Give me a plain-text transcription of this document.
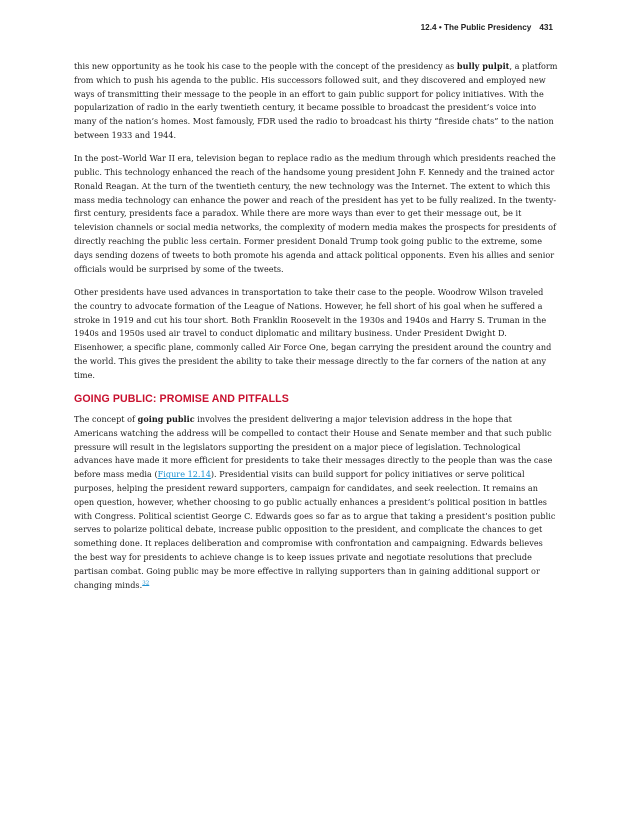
12.4 • The Public Presidency 431

this new opportunity as he took his case to the people with the concept of the presidency as bully pulpit, a platform from which to push his agenda to the public. His successors followed suit, and they discovered and employed new ways of transmitting their message to the people in an effort to gain public support for policy initiatives. With the popularization of radio in the early twentieth century, it became possible to broadcast the president’s voice into many of the nation’s homes. Most famously, FDR used the radio to broadcast his thirty “fireside chats” to the nation between 1933 and 1944.

In the post–World War II era, television began to replace radio as the medium through which presidents reached the public. This technology enhanced the reach of the handsome young president John F. Kennedy and the trained actor Ronald Reagan. At the turn of the twentieth century, the new technology was the Internet. The extent to which this mass media technology can enhance the power and reach of the president has yet to be fully realized. In the twenty-first century, presidents face a paradox. While there are more ways than ever to get their message out, be it television channels or social media networks, the complexity of modern media makes the prospects for presidents of directly reaching the public less certain. Former president Donald Trump took going public to the extreme, some days sending dozens of tweets to both promote his agenda and attack political opponents. Even his allies and senior officials would be surprised by some of the tweets.

Other presidents have used advances in transportation to take their case to the people. Woodrow Wilson traveled the country to advocate formation of the League of Nations. However, he fell short of his goal when he suffered a stroke in 1919 and cut his tour short. Both Franklin Roosevelt in the 1930s and 1940s and Harry S. Truman in the 1940s and 1950s used air travel to conduct diplomatic and military business. Under President Dwight D. Eisenhower, a specific plane, commonly called Air Force One, began carrying the president around the country and the world. This gives the president the ability to take their message directly to the far corners of the nation at any time.

GOING PUBLIC: PROMISE AND PITFALLS

The concept of going public involves the president delivering a major television address in the hope that Americans watching the address will be compelled to contact their House and Senate member and that such public pressure will result in the legislators supporting the president on a major piece of legislation. Technological advances have made it more efficient for presidents to take their messages directly to the people than was the case before mass media (Figure 12.14). Presidential visits can build support for policy initiatives or serve political purposes, helping the president reward supporters, campaign for candidates, and seek reelection. It remains an open question, however, whether choosing to go public actually enhances a president’s political position in battles with Congress. Political scientist George C. Edwards goes so far as to argue that taking a president’s position public serves to polarize political debate, increase public opposition to the president, and complicate the chances to get something done. It replaces deliberation and compromise with confrontation and campaigning. Edwards believes the best way for presidents to achieve change is to keep issues private and negotiate resolutions that preclude partisan combat. Going public may be more effective in rallying supporters than in gaining additional support or changing minds.$^{32}$
